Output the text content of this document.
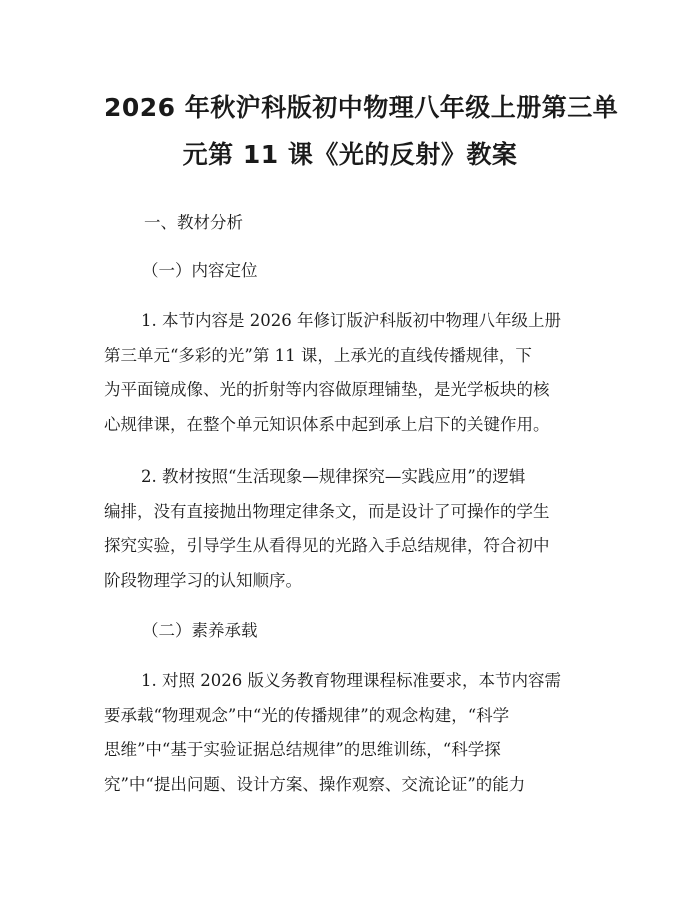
2026 年秋沪科版初中物理八年级上册第三单
元第 11 课《光的反射》教案
一、教材分析
（一）内容定位

1. 本节内容是 2026 年修订版沪科版初中物理八年级上册
第三单元“多彩的光”第 11 课，上承光的直线传播规律，下
为平面镜成像、光的折射等内容做原理铺垫，是光学板块的核
心规律课，在整个单元知识体系中起到承上启下的关键作用。

2. 教材按照“生活现象—规律探究—实践应用”的逻辑
编排，没有直接抛出物理定律条文，而是设计了可操作的学生
探究实验，引导学生从看得见的光路入手总结规律，符合初中
阶段物理学习的认知顺序。

（二）素养承载

1. 对照 2026 版义务教育物理课程标准要求，本节内容需
要承载“物理观念”中“光的传播规律”的观念构建，“科学
思维”中“基于实验证据总结规律”的思维训练，“科学探
究”中“提出问题、设计方案、操作观察、交流论证”的能力
